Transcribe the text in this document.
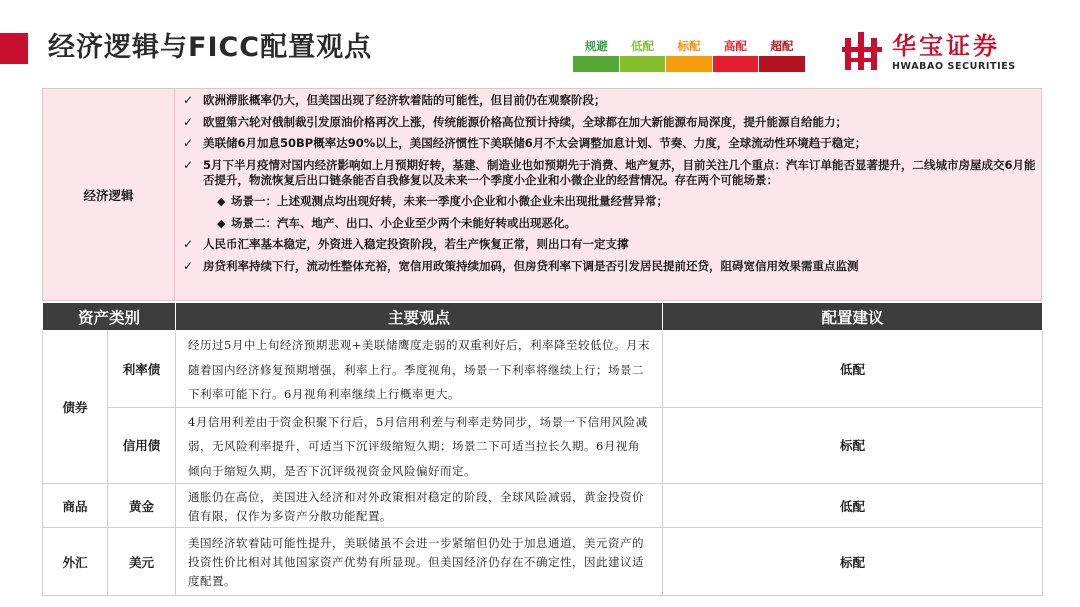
经济逻辑与FICC配置观点	规避	低配	标配	高配	超配	华宝证券
HWABAO SECURITIES
经济逻辑
✓ 欧洲滞胀概率仍大，但美国出现了经济软着陆的可能性，但目前仍在观察阶段；
✓ 欧盟第六轮对俄制裁引发原油价格再次上涨，传统能源价格高位预计持续，全球都在加大新能源布局深度，提升能源自给能力；
✓ 美联储6月加息50BP概率达90%以上，美国经济惯性下美联储6月不太会调整加息计划、节奏、力度，全球流动性环境趋于稳定；
✓ 5月下半月疫情对国内经济影响如上月预期好转，基建、制造业也如预期先于消费、地产复苏，目前关注几个重点：汽车订单能否显著提升，二线城市房屋成交6月能否提升，物流恢复后出口链条能否自我修复以及未来一个季度小企业和小微企业的经营情况。存在两个可能场景：
◆ 场景一：上述观测点均出现好转，未来一季度小企业和小微企业未出现批量经营异常；
◆ 场景二：汽车、地产、出口、小企业至少两个未能好转或出现恶化。
✓ 人民币汇率基本稳定，外资进入稳定投资阶段，若生产恢复正常，则出口有一定支撑
✓ 房贷利率持续下行，流动性整体充裕，宽信用政策持续加码，但房贷利率下调是否引发居民提前还贷，阻碍宽信用效果需重点监测
资产类别		主要观点	配置建议
债券	利率债	经历过5月中上旬经济预期悲观+美联储鹰度走弱的双重利好后，利率降至较低位。月末随着国内经济修复预期增强，利率上行。季度视角，场景一下利率将继续上行；场景二下利率可能下行。6月视角利率继续上行概率更大。	低配
	信用债	4月信用利差由于资金积聚下行后，5月信用利差与利率走势同步，场景一下信用风险减弱，无风险利率提升，可适当下沉评级缩短久期；场景二下可适当拉长久期。6月视角倾向于缩短久期，是否下沉评级视资金风险偏好而定。	标配
商品	黄金	通胀仍在高位，美国进入经济和对外政策相对稳定的阶段，全球风险减弱，黄金投资价值有限，仅作为多资产分散功能配置。	低配
外汇	美元	美国经济软着陆可能性提升，美联储虽不会进一步紧缩但仍处于加息通道，美元资产的投资性价比相对其他国家资产优势有所显现。但美国经济仍存在不确定性，因此建议适度配置。	标配
